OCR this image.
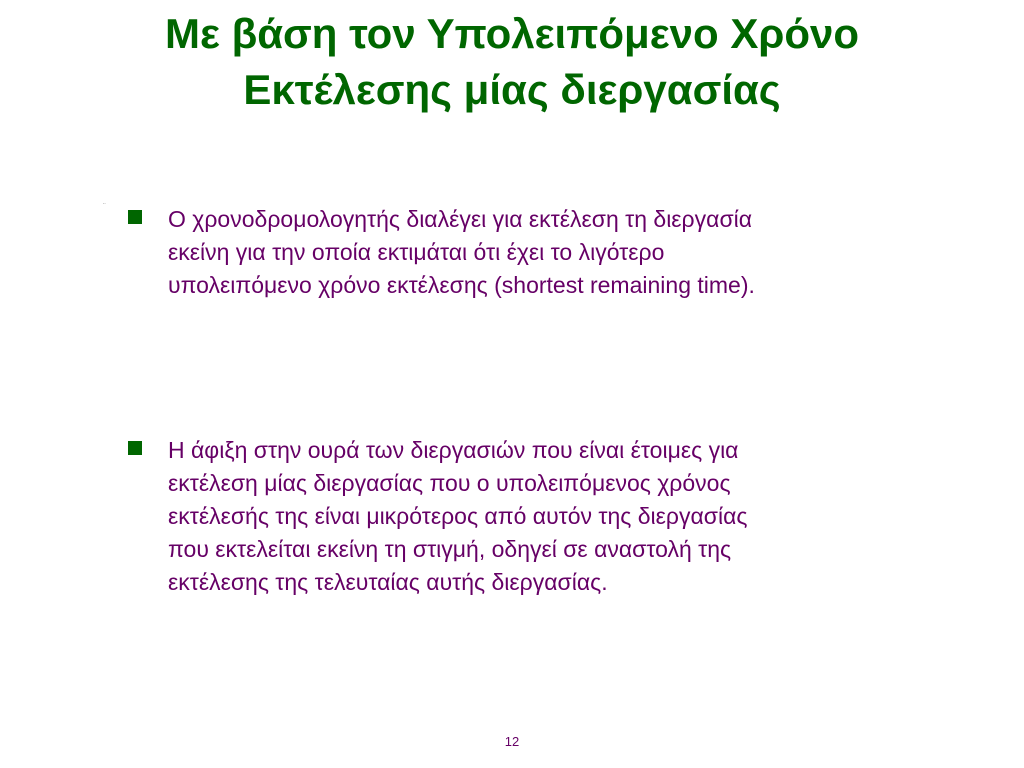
Με βάση τον Υπολειπόμενο Χρόνο
Εκτέλεσης μίας διεργασίας
¨	Ο χρονοδρομολογητής διαλέγει για εκτέλεση τη διεργασία
εκείνη για την οποία εκτιμάται ότι έχει το λιγότερο
υπολειπόμενο χρόνο εκτέλεσης (shortest remaining time).
Η άφιξη στην ουρά των διεργασιών που είναι έτοιμες για
εκτέλεση μίας διεργασίας που ο υπολειπόμενος χρόνος
εκτέλεσής της είναι μικρότερος από αυτόν της διεργασίας
που εκτελείται εκείνη τη στιγμή, οδηγεί σε αναστολή της
εκτέλεσης της τελευταίας αυτής διεργασίας.
12
